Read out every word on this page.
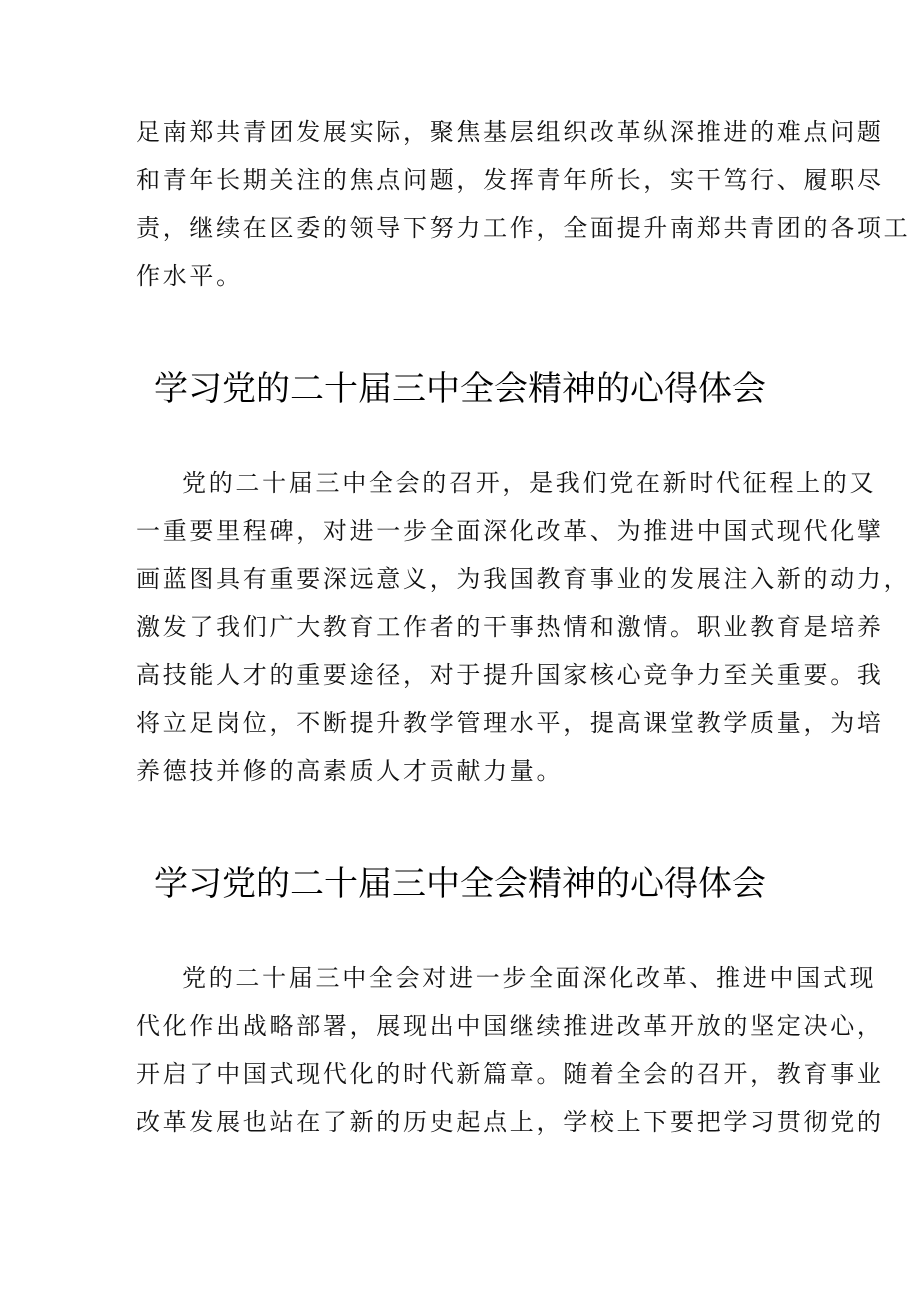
足南郑共青团发展实际，聚焦基层组织改革纵深推进的难点问题
和青年长期关注的焦点问题，发挥青年所长，实干笃行、履职尽
责，继续在区委的领导下努力工作，全面提升南郑共青团的各项工
作水平。
学习党的二十届三中全会精神的心得体会
党的二十届三中全会的召开，是我们党在新时代征程上的又
一重要里程碑，对进一步全面深化改革、为推进中国式现代化擘
画蓝图具有重要深远意义，为我国教育事业的发展注入新的动力，
激发了我们广大教育工作者的干事热情和激情。职业教育是培养
高技能人才的重要途径，对于提升国家核心竞争力至关重要。我
将立足岗位，不断提升教学管理水平，提高课堂教学质量，为培
养德技并修的高素质人才贡献力量。
学习党的二十届三中全会精神的心得体会
党的二十届三中全会对进一步全面深化改革、推进中国式现
代化作出战略部署，展现出中国继续推进改革开放的坚定决心，
开启了中国式现代化的时代新篇章。随着全会的召开，教育事业
改革发展也站在了新的历史起点上，学校上下要把学习贯彻党的
